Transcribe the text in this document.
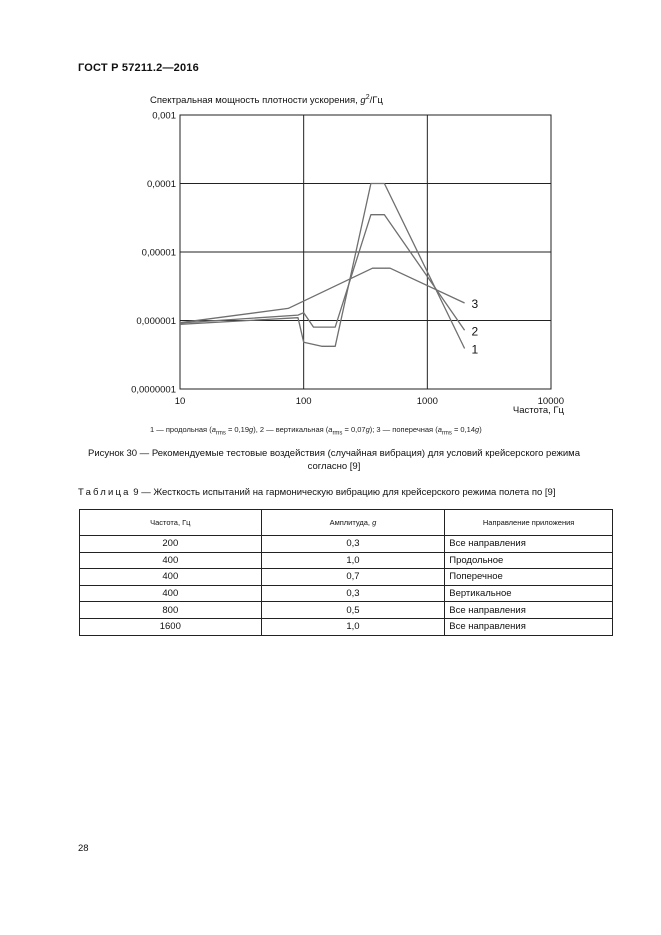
ГОСТ Р 57211.2—2016
Спектральная мощность плотности ускорения, $g^2/Гц$
10	100	1000	10000
0,0000001
0,000001
0,00001
0,0001
0,001
Частота, Гц
1
2
3
1 — продольная $(a_{rms} = 0,19g)$, 2 — вертикальная $(a_{rms} = 0,07g)$; 3 — поперечная $(a_{rms} = 0,14g)$
Рисунок 30 — Рекомендуемые тестовые воздействия (случайная вибрация) для условий крейсерского режима
согласно [9]
Таблица 9 — Жесткость испытаний на гармоническую вибрацию для крейсерского режима полета по [9]
Частота, Гц	Амплитуда, g	Направление приложения
200	0,3	Все направления
400	1,0	Продольное
400	0,7	Поперечное
400	0,3	Вертикальное
800	0,5	Все направления
1600	1,0	Все направления
28
